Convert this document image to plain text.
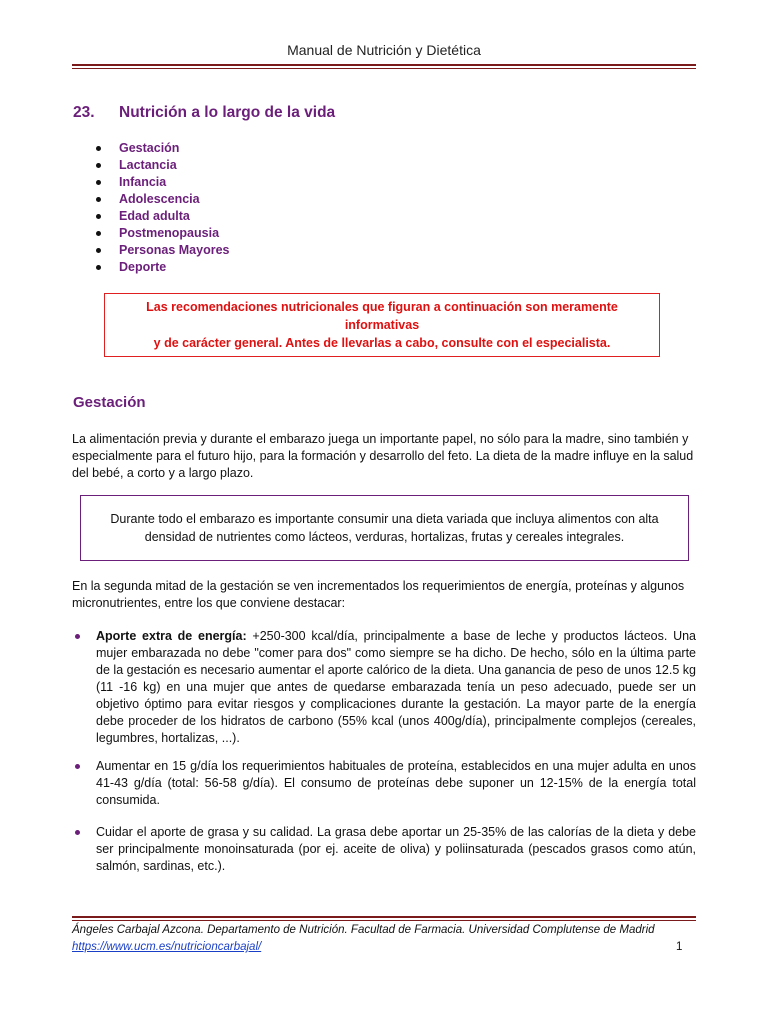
Manual de Nutrición y Dietética
23. Nutrición a lo largo de la vida
Gestación
Lactancia
Infancia
Adolescencia
Edad adulta
Postmenopausia
Personas Mayores
Deporte
Las recomendaciones nutricionales que figuran a continuación son meramente informativas
y de carácter general. Antes de llevarlas a cabo, consulte con el especialista.
Gestación
La alimentación previa y durante el embarazo juega un importante papel, no sólo para la madre, sino también y especialmente para el futuro hijo, para la formación y desarrollo del feto. La dieta de la madre influye en la salud del bebé, a corto y a largo plazo.
Durante todo el embarazo es importante consumir una dieta variada que incluya alimentos con alta
densidad de nutrientes como lácteos, verduras, hortalizas, frutas y cereales integrales.
En la segunda mitad de la gestación se ven incrementados los requerimientos de energía, proteínas y algunos micronutrientes, entre los que conviene destacar:
Aporte extra de energía: +250-300 kcal/día, principalmente a base de leche y productos lácteos. Una mujer embarazada no debe "comer para dos" como siempre se ha dicho. De hecho, sólo en la última parte de la gestación es necesario aumentar el aporte calórico de la dieta. Una ganancia de peso de unos 12.5 kg (11 -16 kg) en una mujer que antes de quedarse embarazada tenía un peso adecuado, puede ser un objetivo óptimo para evitar riesgos y complicaciones durante la gestación. La mayor parte de la energía debe proceder de los hidratos de carbono (55% kcal (unos 400g/día), principalmente complejos (cereales, legumbres, hortalizas, ...).
Aumentar en 15 g/día los requerimientos habituales de proteína, establecidos en una mujer adulta en unos 41-43 g/día (total: 56-58 g/día). El consumo de proteínas debe suponer un 12-15% de la energía total consumida.
Cuidar el aporte de grasa y su calidad. La grasa debe aportar un 25-35% de las calorías de la dieta y debe ser principalmente monoinsaturada (por ej. aceite de oliva) y poliinsaturada (pescados grasos como atún, salmón, sardinas, etc.).
Ángeles Carbajal Azcona. Departamento de Nutrición. Facultad de Farmacia. Universidad Complutense de Madrid
https://www.ucm.es/nutricioncarbajal/	1
